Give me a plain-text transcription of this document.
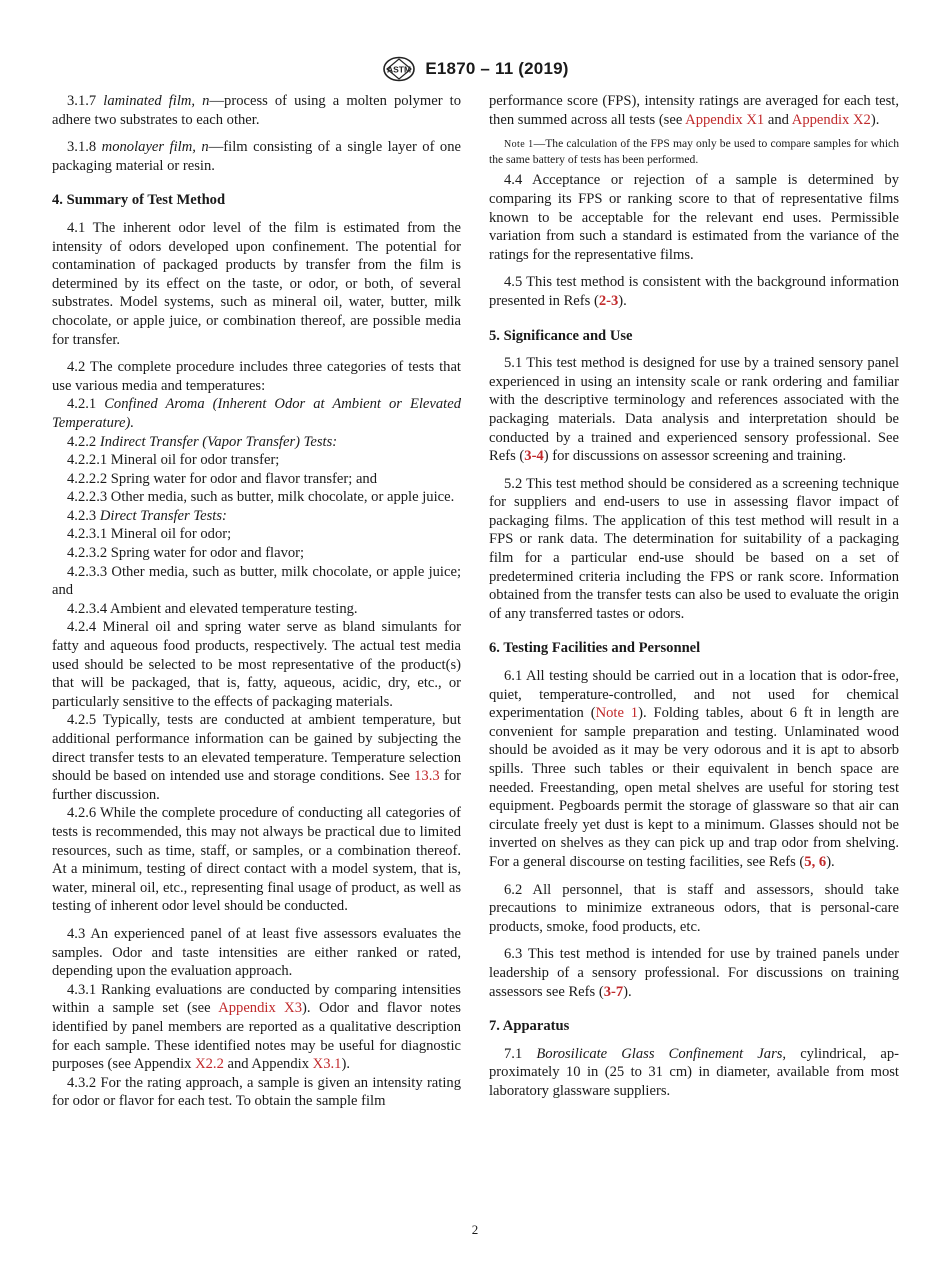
ASTM E1870 – 11 (2019)

3.1.7 laminated film, n—process of using a molten polymer to adhere two substrates to each other.

3.1.8 monolayer film, n—film consisting of a single layer of one packaging material or resin.

4. Summary of Test Method

4.1 The inherent odor level of the film is estimated from the intensity of odors developed upon confinement. The potential for contamination of packaged products by transfer from the film is determined by its effect on the taste, or odor, or both, of several substrates. Model systems, such as mineral oil, water, butter, milk chocolate, or apple juice, or combination thereof, are possible media for transfer.

4.2 The complete procedure includes three categories of tests that use various media and temperatures:

4.2.1 Confined Aroma (Inherent Odor at Ambient or Elevated Temperature).

4.2.2 Indirect Transfer (Vapor Transfer) Tests:

4.2.2.1 Mineral oil for odor transfer;

4.2.2.2 Spring water for odor and flavor transfer; and

4.2.2.3 Other media, such as butter, milk chocolate, or apple juice.

4.2.3 Direct Transfer Tests:

4.2.3.1 Mineral oil for odor;

4.2.3.2 Spring water for odor and flavor;

4.2.3.3 Other media, such as butter, milk chocolate, or apple juice; and

4.2.3.4 Ambient and elevated temperature testing.

4.2.4 Mineral oil and spring water serve as bland simulants for fatty and aqueous food products, respectively. The actual test media used should be selected to be most representative of the product(s) that will be packaged, that is, fatty, aqueous, acidic, dry, etc., or particularly sensitive to the effects of packaging materials.

4.2.5 Typically, tests are conducted at ambient temperature, but additional performance information can be gained by subjecting the direct transfer tests to an elevated temperature. Temperature selection should be based on intended use and storage conditions. See 13.3 for further discussion.

4.2.6 While the complete procedure of conducting all categories of tests is recommended, this may not always be practical due to limited resources, such as time, staff, or samples, or a combination thereof. At a minimum, testing of direct contact with a model system, that is, water, mineral oil, etc., representing final usage of product, as well as testing of inherent odor level should be conducted.

4.3 An experienced panel of at least five assessors evaluates the samples. Odor and taste intensities are either ranked or rated, depending upon the evaluation approach.

4.3.1 Ranking evaluations are conducted by comparing intensities within a sample set (see Appendix X3). Odor and flavor notes identified by panel members are reported as a qualitative description for each sample. These identified notes may be useful for diagnostic purposes (see Appendix X2.2 and Appendix X3.1).

4.3.2 For the rating approach, a sample is given an intensity rating for odor or flavor for each test. To obtain the sample film

performance score (FPS), intensity ratings are averaged for each test, then summed across all tests (see Appendix X1 and Appendix X2).

Note 1—The calculation of the FPS may only be used to compare samples for which the same battery of tests has been performed.

4.4 Acceptance or rejection of a sample is determined by comparing its FPS or ranking score to that of representative films known to be acceptable for the relevant end uses. Permissible variation from such a standard is estimated from the variance of the ratings for the representative films.

4.5 This test method is consistent with the background information presented in Refs (2-3).

5. Significance and Use

5.1 This test method is designed for use by a trained sensory panel experienced in using an intensity scale or rank ordering and familiar with the descriptive terminology and references associated with the packaging materials. Data analysis and interpretation should be conducted by a trained and experienced sensory professional. See Refs (3-4) for discussions on assessor screening and training.

5.2 This test method should be considered as a screening technique for suppliers and end-users to use in assessing flavor impact of packaging films. The application of this test method will result in a FPS or rank data. The determination for suitability of a packaging film for a particular end-use should be based on a set of predetermined criteria including the FPS or rank score. Information obtained from the transfer tests can also be used to evaluate the origin of any transferred tastes or odors.

6. Testing Facilities and Personnel

6.1 All testing should be carried out in a location that is odor-free, quiet, temperature-controlled, and not used for chemical experimentation (Note 1). Folding tables, about 6 ft in length are convenient for sample preparation and testing. Unlaminated wood should be avoided as it may be very odorous and it is apt to absorb spills. Three such tables or their equivalent in bench space are needed. Freestanding, open metal shelves are useful for storing test equipment. Pegboards permit the storage of glassware so that air can circulate freely yet dust is kept to a minimum. Glasses should not be inverted on shelves as they can pick up and trap odor from shelving. For a general discourse on testing facilities, see Refs (5, 6).

6.2 All personnel, that is staff and assessors, should take precautions to minimize extraneous odors, that is personal-care products, smoke, food products, etc.

6.3 This test method is intended for use by trained panels under leadership of a sensory professional. For discussions on training assessors see Refs (3-7).

7. Apparatus

7.1 Borosilicate Glass Confinement Jars, cylindrical, approximately 10 in (25 to 31 cm) in diameter, available from most laboratory glassware suppliers.

2
